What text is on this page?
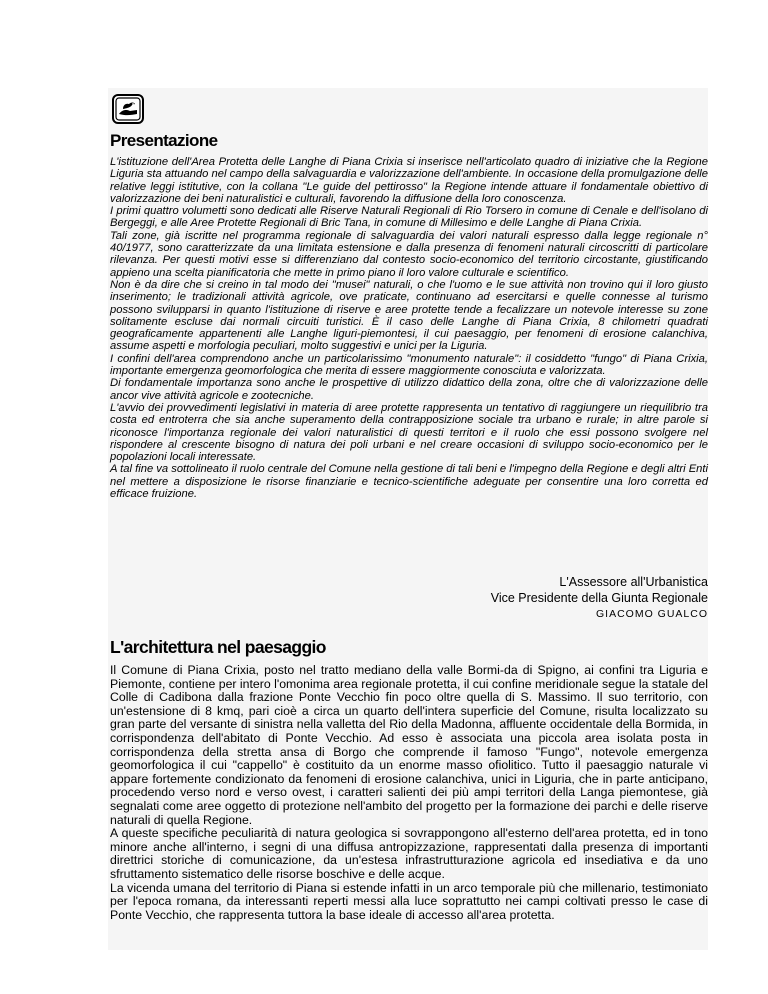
Presentazione

L'istituzione dell'Area Protetta delle Langhe di Piana Crixia si inserisce nell'articolato quadro di iniziative che la Regione Liguria sta attuando nel campo della salvaguardia e valorizzazione dell'ambiente. In occasione della promulgazione delle relative leggi istitutive, con la collana "Le guide del pettirosso" la Regione intende attuare il fondamentale obiettivo di valorizzazione dei beni naturalistici e culturali, favorendo la diffusione della loro conoscenza.

I primi quattro volumetti sono dedicati alle Riserve Naturali Regionali di Rio Torsero in comune di Cenale e dell'isolano di Bergeggi, e alle Aree Protette Regionali di Bric Tana, in comune di Millesimo e delle Langhe di Piana Crixia.

Tali zone, già iscritte nel programma regionale di salvaguardia dei valori naturali espresso dalla legge regionale n° 40/1977, sono caratterizzate da una limitata estensione e dalla presenza di fenomeni naturali circoscritti di particolare rilevanza. Per questi motivi esse si differenziano dal contesto socio-economico del territorio circostante, giustificando appieno una scelta pianificatoria che mette in primo piano il loro valore culturale e scientifico.

Non è da dire che si creino in tal modo dei "musei" naturali, o che l'uomo e le sue attività non trovino qui il loro giusto inserimento; le tradizionali attività agricole, ove praticate, continuano ad esercitarsi e quelle connesse al turismo possono svilupparsi in quanto l'istituzione di riserve e aree protette tende a fecalizzare un notevole interesse su zone solitamente escluse dai normali circuiti turistici. È il caso delle Langhe di Piana Crixia, 8 chilometri quadrati geograficamente appartenenti alle Langhe liguri-piemontesi, il cui paesaggio, per fenomeni di erosione calanchiva, assume aspetti e morfologia peculiari, molto suggestivi e unici per la Liguria.

I confini dell'area comprendono anche un particolarissimo "monumento naturale": il cosiddetto "fungo" di Piana Crixia, importante emergenza geomorfologica che merita di essere maggiormente conosciuta e valorizzata.

Di fondamentale importanza sono anche le prospettive di utilizzo didattico della zona, oltre che di valorizzazione delle ancor vive attività agricole e zootecniche.

L'avvio dei provvedimenti legislativi in materia di aree protette rappresenta un tentativo di raggiungere un riequilibrio tra costa ed entroterra che sia anche superamento della contrapposizione sociale tra urbano e rurale; in altre parole si riconosce l'importanza regionale dei valori naturalistici di questi territori e il ruolo che essi possono svolgere nel rispondere al crescente bisogno di natura dei poli urbani e nel creare occasioni di sviluppo socio-economico per le popolazioni locali interessate.

A tal fine va sottolineato il ruolo centrale del Comune nella gestione di tali beni e l'impegno della Regione e degli altri Enti nel mettere a disposizione le risorse finanziarie e tecnico-scientifiche adeguate per consentire una loro corretta ed efficace fruizione.

L'Assessore all'Urbanistica
Vice Presidente della Giunta Regionale
GIACOMO GUALCO
L'architettura nel paesaggio

Il Comune di Piana Crixia, posto nel tratto mediano della valle Bormi-da di Spigno, ai confini tra Liguria e Piemonte, contiene per intero l'omonima area regionale protetta, il cui confine meridionale segue la statale del Colle di Cadibona dalla frazione Ponte Vecchio fin poco oltre quella di S. Massimo. Il suo territorio, con un'estensione di 8 kmq, pari cioè a circa un quarto dell'intera superficie del Comune, risulta localizzato su gran parte del versante di sinistra nella valletta del Rio della Madonna, affluente occidentale della Bormida, in corrispondenza dell'abitato di Ponte Vecchio. Ad esso è associata una piccola area isolata posta in corrispondenza della stretta ansa di Borgo che comprende il famoso "Fungo", notevole emergenza geomorfologica il cui "cappello" è costituito da un enorme masso ofiolitico. Tutto il paesaggio naturale vi appare fortemente condizionato da fenomeni di erosione calanchiva, unici in Liguria, che in parte anticipano, procedendo verso nord e verso ovest, i caratteri salienti dei più ampi territori della Langa piemontese, già segnalati come aree oggetto di protezione nell'ambito del progetto per la formazione dei parchi e delle riserve naturali di quella Regione.

A queste specifiche peculiarità di natura geologica si sovrappongono all'esterno dell'area protetta, ed in tono minore anche all'interno, i segni di una diffusa antropizzazione, rappresentati dalla presenza di importanti direttrici storiche di comunicazione, da un'estesa infrastrutturazione agricola ed insediativa e da uno sfruttamento sistematico delle risorse boschive e delle acque.

La vicenda umana del territorio di Piana si estende infatti in un arco temporale più che millenario, testimoniato per l'epoca romana, da interessanti reperti messi alla luce soprattutto nei campi coltivati presso le case di Ponte Vecchio, che rappresenta tuttora la base ideale di accesso all'area protetta.
